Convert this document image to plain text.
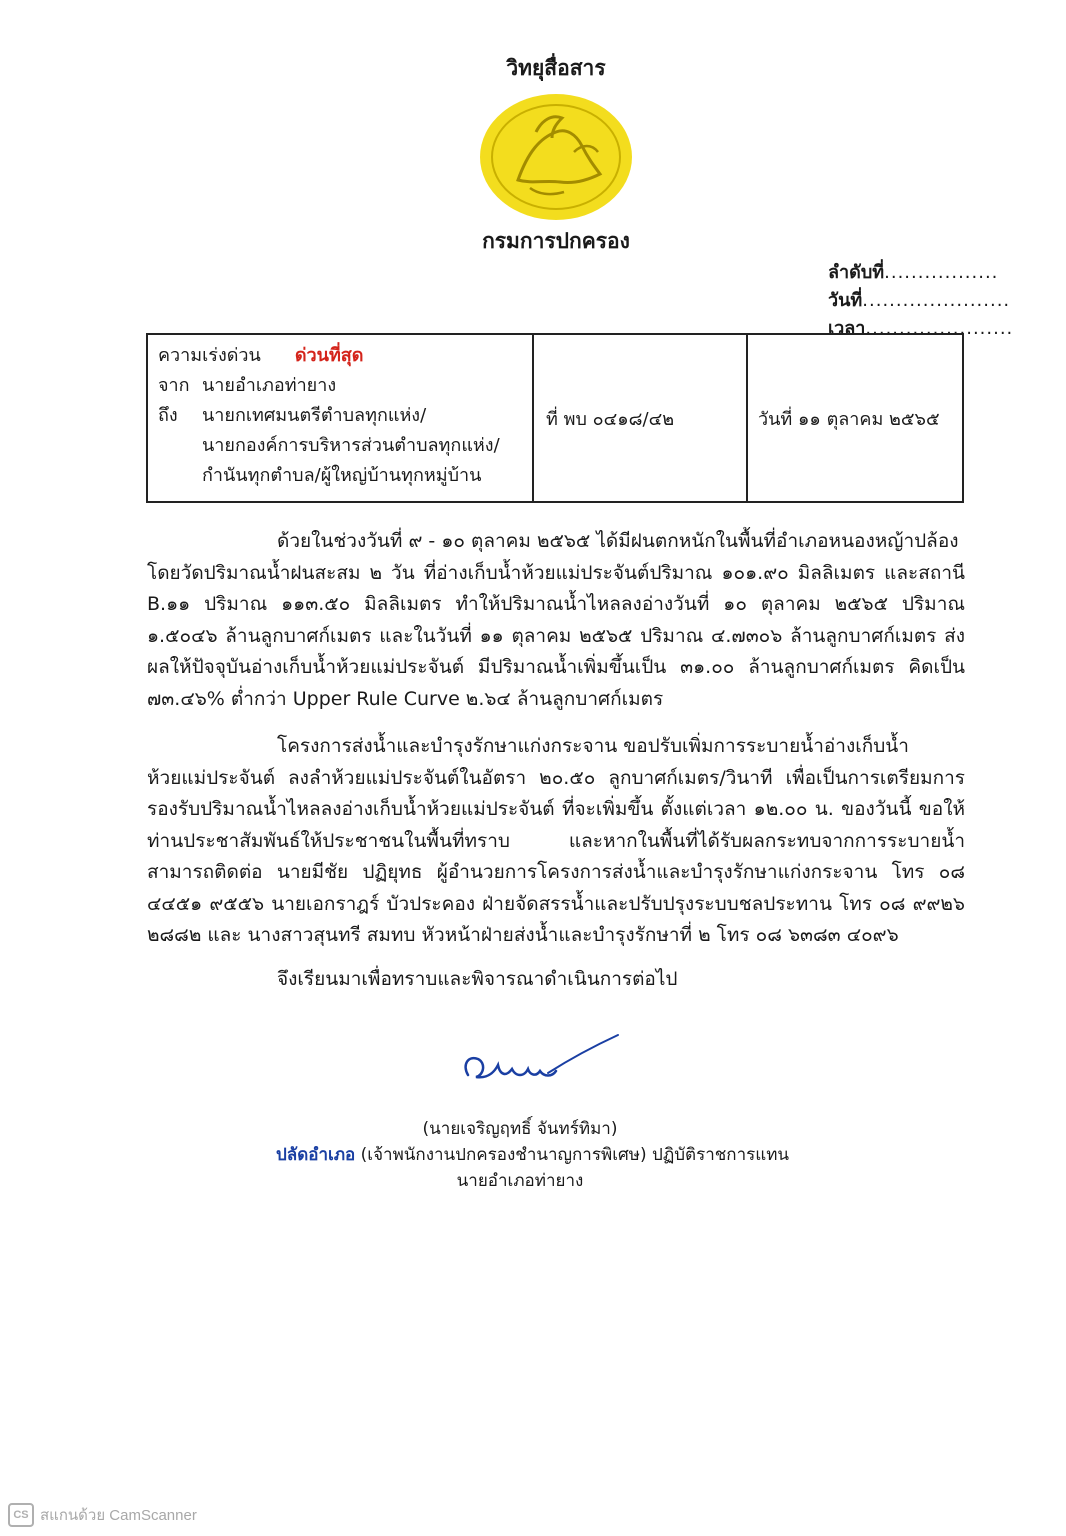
วิทยุสื่อสาร
กรมการปกครอง
ลำดับที่.................
วันที่......................
เวลา......................
ความเร่งด่วน ด่วนที่สุด
จาก นายอำเภอท่ายาง
ถึง นายกเทศมนตรีตำบลทุกแห่ง/
นายกองค์การบริหารส่วนตำบลทุกแห่ง/
กำนันทุกตำบล/ผู้ใหญ่บ้านทุกหมู่บ้าน
	ที่ พบ ๐๔๑๘/๔๒	วันที่ ๑๑ ตุลาคม ๒๕๖๕
ด้วยในช่วงวันที่ ๙ - ๑๐ ตุลาคม ๒๕๖๕ ได้มีฝนตกหนักในพื้นที่อำเภอหนองหญ้าปล้อง
โดยวัดปริมาณน้ำฝนสะสม ๒ วัน ที่อ่างเก็บน้ำห้วยแม่ประจันต์ปริมาณ ๑๐๑.๙๐ มิลลิเมตร และสถานี B.๑๑ ปริมาณ ๑๑๓.๕๐ มิลลิเมตร ทำให้ปริมาณน้ำไหลลงอ่างวันที่ ๑๐ ตุลาคม ๒๕๖๕ ปริมาณ ๑.๕๐๔๖ ล้านลูกบาศก์เมตร และในวันที่ ๑๑ ตุลาคม ๒๕๖๕ ปริมาณ ๔.๗๓๐๖ ล้านลูกบาศก์เมตร ส่งผลให้ปัจจุบันอ่างเก็บน้ำห้วยแม่ประจันต์ มีปริมาณน้ำเพิ่มขึ้นเป็น ๓๑.๐๐ ล้านลูกบาศก์เมตร คิดเป็น ๗๓.๔๖% ต่ำกว่า Upper Rule Curve ๒.๖๔ ล้านลูกบาศก์เมตร
โครงการส่งน้ำและบำรุงรักษาแก่งกระจาน ขอปรับเพิ่มการระบายน้ำอ่างเก็บน้ำ
ห้วยแม่ประจันต์ ลงลำห้วยแม่ประจันต์ในอัตรา ๒๐.๕๐ ลูกบาศก์เมตร/วินาที เพื่อเป็นการเตรียมการรองรับปริมาณน้ำไหลลงอ่างเก็บน้ำห้วยแม่ประจันต์ ที่จะเพิ่มขึ้น ตั้งแต่เวลา ๑๒.๐๐ น. ของวันนี้ ขอให้ท่านประชาสัมพันธ์ให้ประชาชนในพื้นที่ทราบ และหากในพื้นที่ได้รับผลกระทบจากการระบายน้ำ สามารถติดต่อ นายมีชัย ปฏิยุทธ ผู้อำนวยการโครงการส่งน้ำและบำรุงรักษาแก่งกระจาน โทร ๐๘ ๔๔๕๑ ๙๕๕๖ นายเอกราฎร์ บัวประคอง ฝ่ายจัดสรรน้ำและปรับปรุงระบบชลประทาน โทร ๐๘ ๙๙๒๖ ๒๘๘๒ และ นางสาวสุนทรี สมทบ หัวหน้าฝ่ายส่งน้ำและบำรุงรักษาที่ ๒ โทร ๐๘ ๖๓๘๓ ๔๐๙๖
จึงเรียนมาเพื่อทราบและพิจารณาดำเนินการต่อไป
(นายเจริญฤทธิ์ จันทร์ทิมา)
ปลัดอำเภอ (เจ้าพนักงานปกครองชำนาญการพิเศษ) ปฏิบัติราชการแทน
นายอำเภอท่ายาง
CS สแกนด้วย CamScanner
